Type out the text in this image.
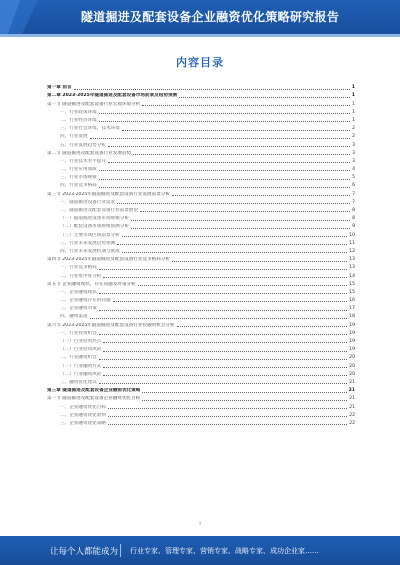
隧道掘进及配套设备企业融资优化策略研究报告
内容目录
第一章 前言	1
第二章 2023-2025年隧道掘进及配套设备市场前景及趋势预测	1
第一节 隧道掘进及配套设备行业宏观环境分析	1
一、行业政策环境	1
二、行业经济环境	1
三、行业社会环境、技术环境	2
四、行业发展	2
五、行业发展趋势分析	3
第二节 隧道掘进及配套设备行业发展趋势	3
一、行业技术水平提升	3
二、行业应用领域	4
三、行业市场规模	5
四、行业竞争格局	6
第三节 2023-2025年隧道掘进及配套设备行业发展前景分析	7
一、隧道掘进设备行业需求	7
二、隧道掘进及配套设备行业前景展望	8
（一）隧道掘进设备市场规模分析	8
（二）配套设备市场规模预测分析	9
（三）主要市场区域前景分析	10
三、行业未来发展趋势预测	11
四、行业未来发展机遇与挑战	12
第四节 2023-2025年隧道掘进及配套设备行业竞争格局分析	13
一、行业竞争格局	13
二、行业集中度分析	14
第五节 企业融资现状、存在问题及对策分析	15
一、企业融资现状	15
二、企业融资存在的问题	16
三、企业融资对策	17
四、融资渠道	18
第六节 2023-2025年隧道掘进及配套设备行业投融资机会分析	19
一、行业投资机会	19
（一）行业投资热点	19
（二）行业投资风险	19
二、行业融资机会	20
（一）行业融资方式	20
（二）行业融资风险	20
三、融资优化建议	21
第三章 隧道掘进及配套设备企业融资优化策略	21
第一节 隧道掘进及配套设备企业融资优化目标	21
一、企业融资优化目标	21
二、企业融资优化原则	22
三、企业融资优化策略	22
I
让每个人都能成为 行业专家、管理专家、营销专家、战略专家、成功企业家……
